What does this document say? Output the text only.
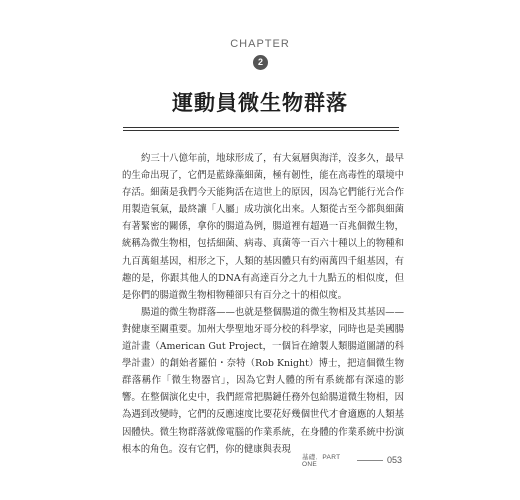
CHAPTER
2
運動員微生物群落

約三十八億年前，地球形成了，有大氣層與海洋，沒多久，最早的生命出現了，它們是藍綠藻細菌，極有韌性，能在高毒性的環境中存活。細菌是我們今天能夠活在這世上的原因，因為它們能行光合作用製造氧氣，最終讓「人屬」成功演化出來。人類從古至今都與細菌有著緊密的關係，拿你的腸道為例，腸道裡有超過一百兆個微生物，統稱為微生物相，包括細菌、病毒、真菌等一百六十種以上的物種和九百萬組基因，相形之下，人類的基因體只有約兩萬四千組基因，有趣的是，你跟其他人的DNA有高達百分之九十九點五的相似度，但是你們的腸道微生物相物種卻只有百分之十的相似度。

腸道的微生物群落——也就是整個腸道的微生物相及其基因——對健康至關重要。加州大學聖地牙哥分校的科學家，同時也是美國腸道計畫（American Gut Project，一個旨在繪製人類腸道圖譜的科學計畫）的創始者羅伯・奈特（Rob Knight）博士，把這個微生物群落稱作「微生物器官」，因為它對人體的所有系統都有深遠的影響。在整個演化史中，我們經常把腸鏈任務外包給腸道微生物相，因為遇到改變時，它們的反應速度比要花好幾個世代才會適應的人類基因體快。微生物群落就像電腦的作業系統，在身體的作業系統中扮演根本的角色。沒有它們，你的健康與表現

基礎．PART ONE	053
